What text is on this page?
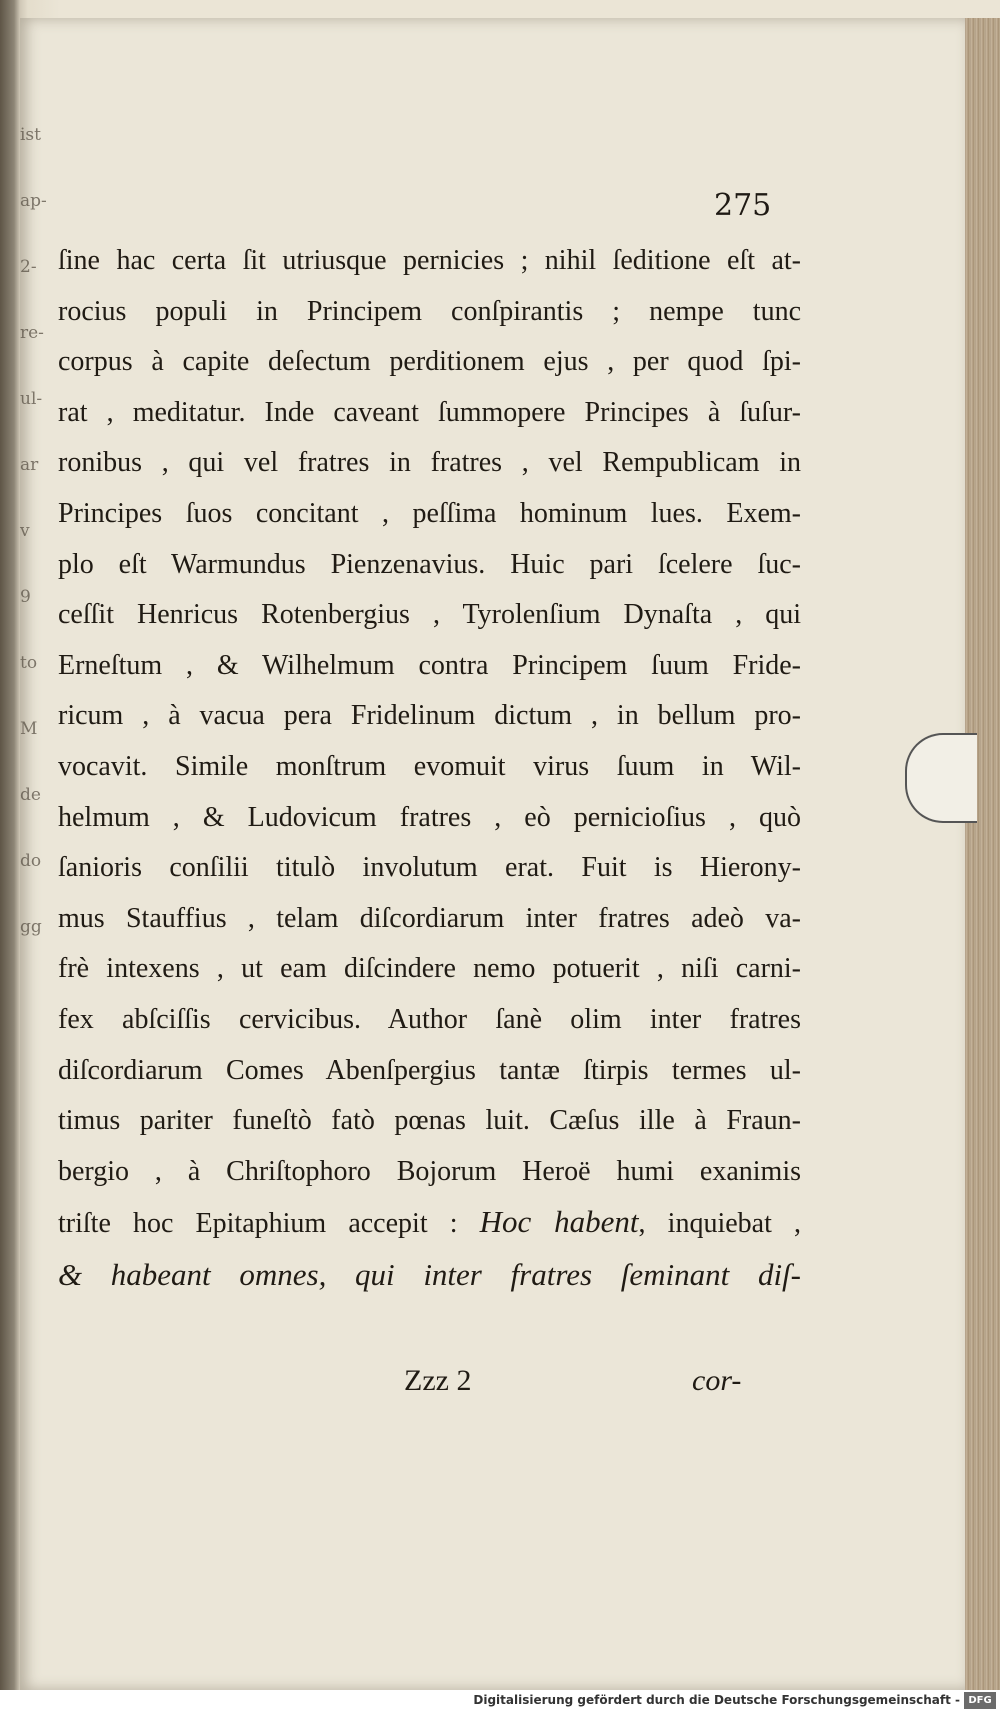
ist
ap-
2-
re-
ul-
ar
v
9
to
M
de
do
gg
275
ſine hac certa ſit utriusque pernicies ; nihil ſeditione eſt at-
rocius populi in Principem conſpirantis ; nempe tunc
corpus à capite deſectum perditionem ejus , per quod ſpi-
rat , meditatur. Inde caveant ſummopere Principes à ſuſur-
ronibus , qui vel fratres in fratres , vel Rempublicam in
Principes ſuos concitant , peſſima hominum lues. Exem-
plo eſt Warmundus Pienzenavius. Huic pari ſcelere ſuc-
ceſſit Henricus Rotenbergius , Tyrolenſium Dynaſta , qui
Erneſtum , & Wilhelmum contra Principem ſuum Fride-
ricum , à vacua pera Fridelinum dictum , in bellum pro-
vocavit. Simile monſtrum evomuit virus ſuum in Wil-
helmum , & Ludovicum fratres , eò pernicioſius , quò
ſanioris conſilii titulò involutum erat. Fuit is Hierony-
mus Stauffius , telam diſcordiarum inter fratres adeò va-
frè intexens , ut eam diſcindere nemo potuerit , niſi carni-
fex abſciſſis cervicibus. Author ſanè olim inter fratres
diſcordiarum Comes Abenſpergius tantæ ſtirpis termes ul-
timus pariter funeſtò fatò pœnas luit. Cæſus ille à Fraun-
bergio , à Chriſtophoro Bojorum Heroë humi exanimis
triſte hoc Epitaphium accepit : Hoc habent, inquiebat ,
& habeant omnes, qui inter fratres ſeminant diſ-
Zzz 2	cor-
Digitalisierung gefördert durch die Deutsche Forschungsgemeinschaft - DFG
